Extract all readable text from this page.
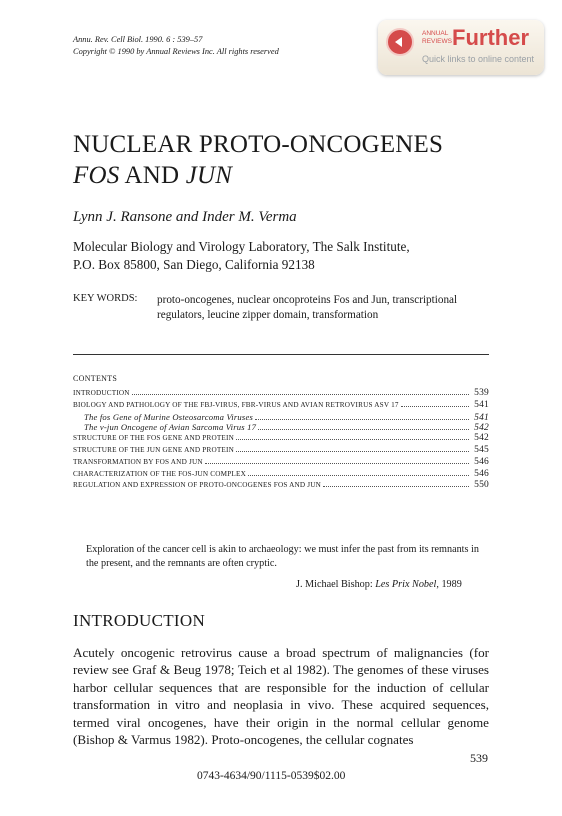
Annu. Rev. Cell Biol. 1990. 6 : 539–57
Copyright © 1990 by Annual Reviews Inc. All rights reserved
ANNUAL
REVIEWS Further
Quick links to online content
NUCLEAR PROTO-ONCOGENES
FOS AND JUN
Lynn J. Ransone and Inder M. Verma
Molecular Biology and Virology Laboratory, The Salk Institute,
P.O. Box 85800, San Diego, California 92138
KEY WORDS: proto-oncogenes, nuclear oncoproteins Fos and Jun, transcriptional regulators, leucine zipper domain, transformation
CONTENTS
INTRODUCTION	539
BIOLOGY AND PATHOLOGY OF THE FBJ-VIRUS, FBR-VIRUS AND AVIAN RETROVIRUS ASV 17	541
The fos Gene of Murine Osteosarcoma Viruses	541
The v-jun Oncogene of Avian Sarcoma Virus 17	542
STRUCTURE OF THE FOS GENE AND PROTEIN	542
STRUCTURE OF THE JUN GENE AND PROTEIN	545
TRANSFORMATION BY FOS AND JUN	546
CHARACTERIZATION OF THE FOS-JUN COMPLEX	546
REGULATION AND EXPRESSION OF PROTO-ONCOGENES FOS AND JUN	550
Exploration of the cancer cell is akin to archaeology: we must infer the past from its remnants in the present, and the remnants are often cryptic.
J. Michael Bishop: Les Prix Nobel, 1989
INTRODUCTION
Acutely oncogenic retrovirus cause a broad spectrum of malignancies (for review see Graf & Beug 1978; Teich et al 1982). The genomes of these viruses harbor cellular sequences that are responsible for the induction of cellular transformation in vitro and neoplasia in vivo. These acquired sequences, termed viral oncogenes, have their origin in the normal cellular genome (Bishop & Varmus 1982). Proto-oncogenes, the cellular cognates
539
0743-4634/90/1115-0539$02.00
